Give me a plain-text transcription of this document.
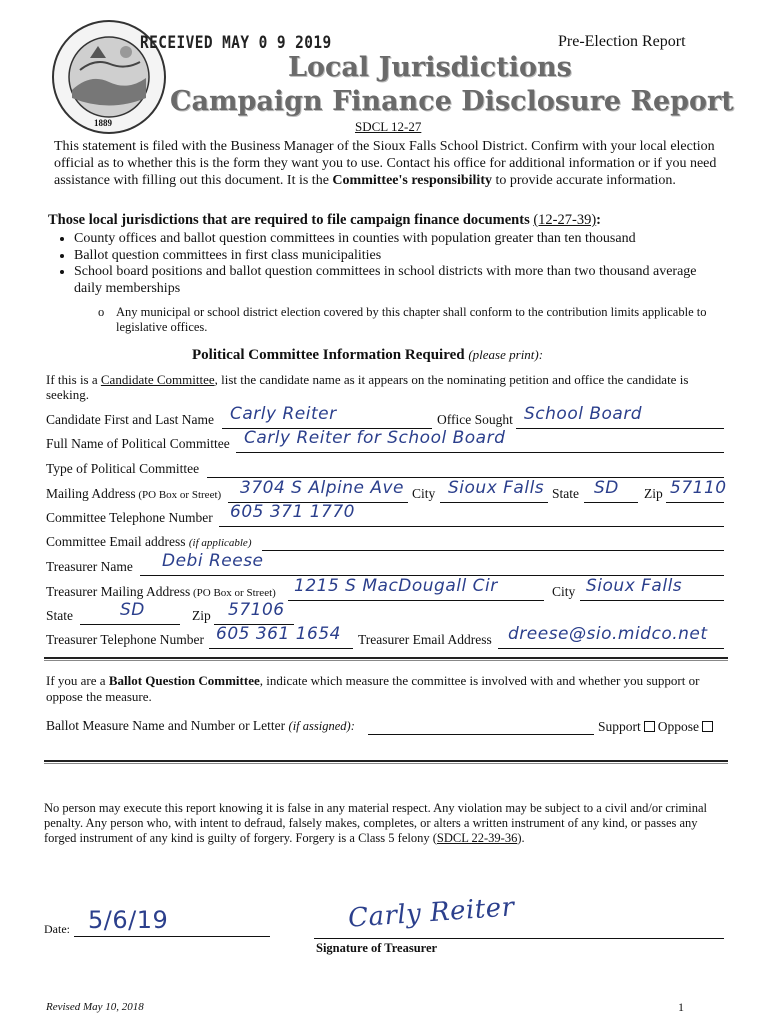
1889
RECEIVED MAY 0 9 2019	Pre-Election Report
Local Jurisdictions
Campaign Finance Disclosure Report
SDCL 12-27
This statement is filed with the Business Manager of the Sioux Falls School District. Confirm with your local election official as to whether this is the form they want you to use. Contact his office for additional information or if you need assistance with filling out this document. It is the Committee's responsibility to provide accurate information.
Those local jurisdictions that are required to file campaign finance documents (12-27-39):
• County offices and ballot question committees in counties with population greater than ten thousand
• Ballot question committees in first class municipalities
• School board positions and ballot question committees in school districts with more than two thousand average daily memberships
o Any municipal or school district election covered by this chapter shall conform to the contribution limits applicable to legislative offices.
Political Committee Information Required (please print):
If this is a Candidate Committee, list the candidate name as it appears on the nominating petition and office the candidate is seeking.
Candidate First and Last Name Carly Reiter	Office Sought School Board
Full Name of Political Committee Carly Reiter for School Board
Type of Political Committee
Mailing Address (PO Box or Street) 3704 S Alpine Ave City Sioux Falls State SD Zip 57110
Committee Telephone Number 605 371 1770
Committee Email address (if applicable)
Treasurer Name Debi Reese
Treasurer Mailing Address (PO Box or Street) 1215 S MacDougall Cir	City Sioux Falls
State	SD	Zip 57106
Treasurer Telephone Number 605 361 1654 Treasurer Email Address dreese@sio.midco.net
If you are a Ballot Question Committee, indicate which measure the committee is involved with and whether you support or oppose the measure.
Ballot Measure Name and Number or Letter (if assigned):	Support Oppose
No person may execute this report knowing it is false in any material respect. Any violation may be subject to a civil and/or criminal penalty. Any person who, with intent to defraud, falsely makes, completes, or alters a written instrument of any kind, or passes any forged instrument of any kind is guilty of forgery. Forgery is a Class 5 felony (SDCL 22-39-36).
Date: 5/6/19	Carly Reiter
Signature of Treasurer
Revised May 10, 2018	1
